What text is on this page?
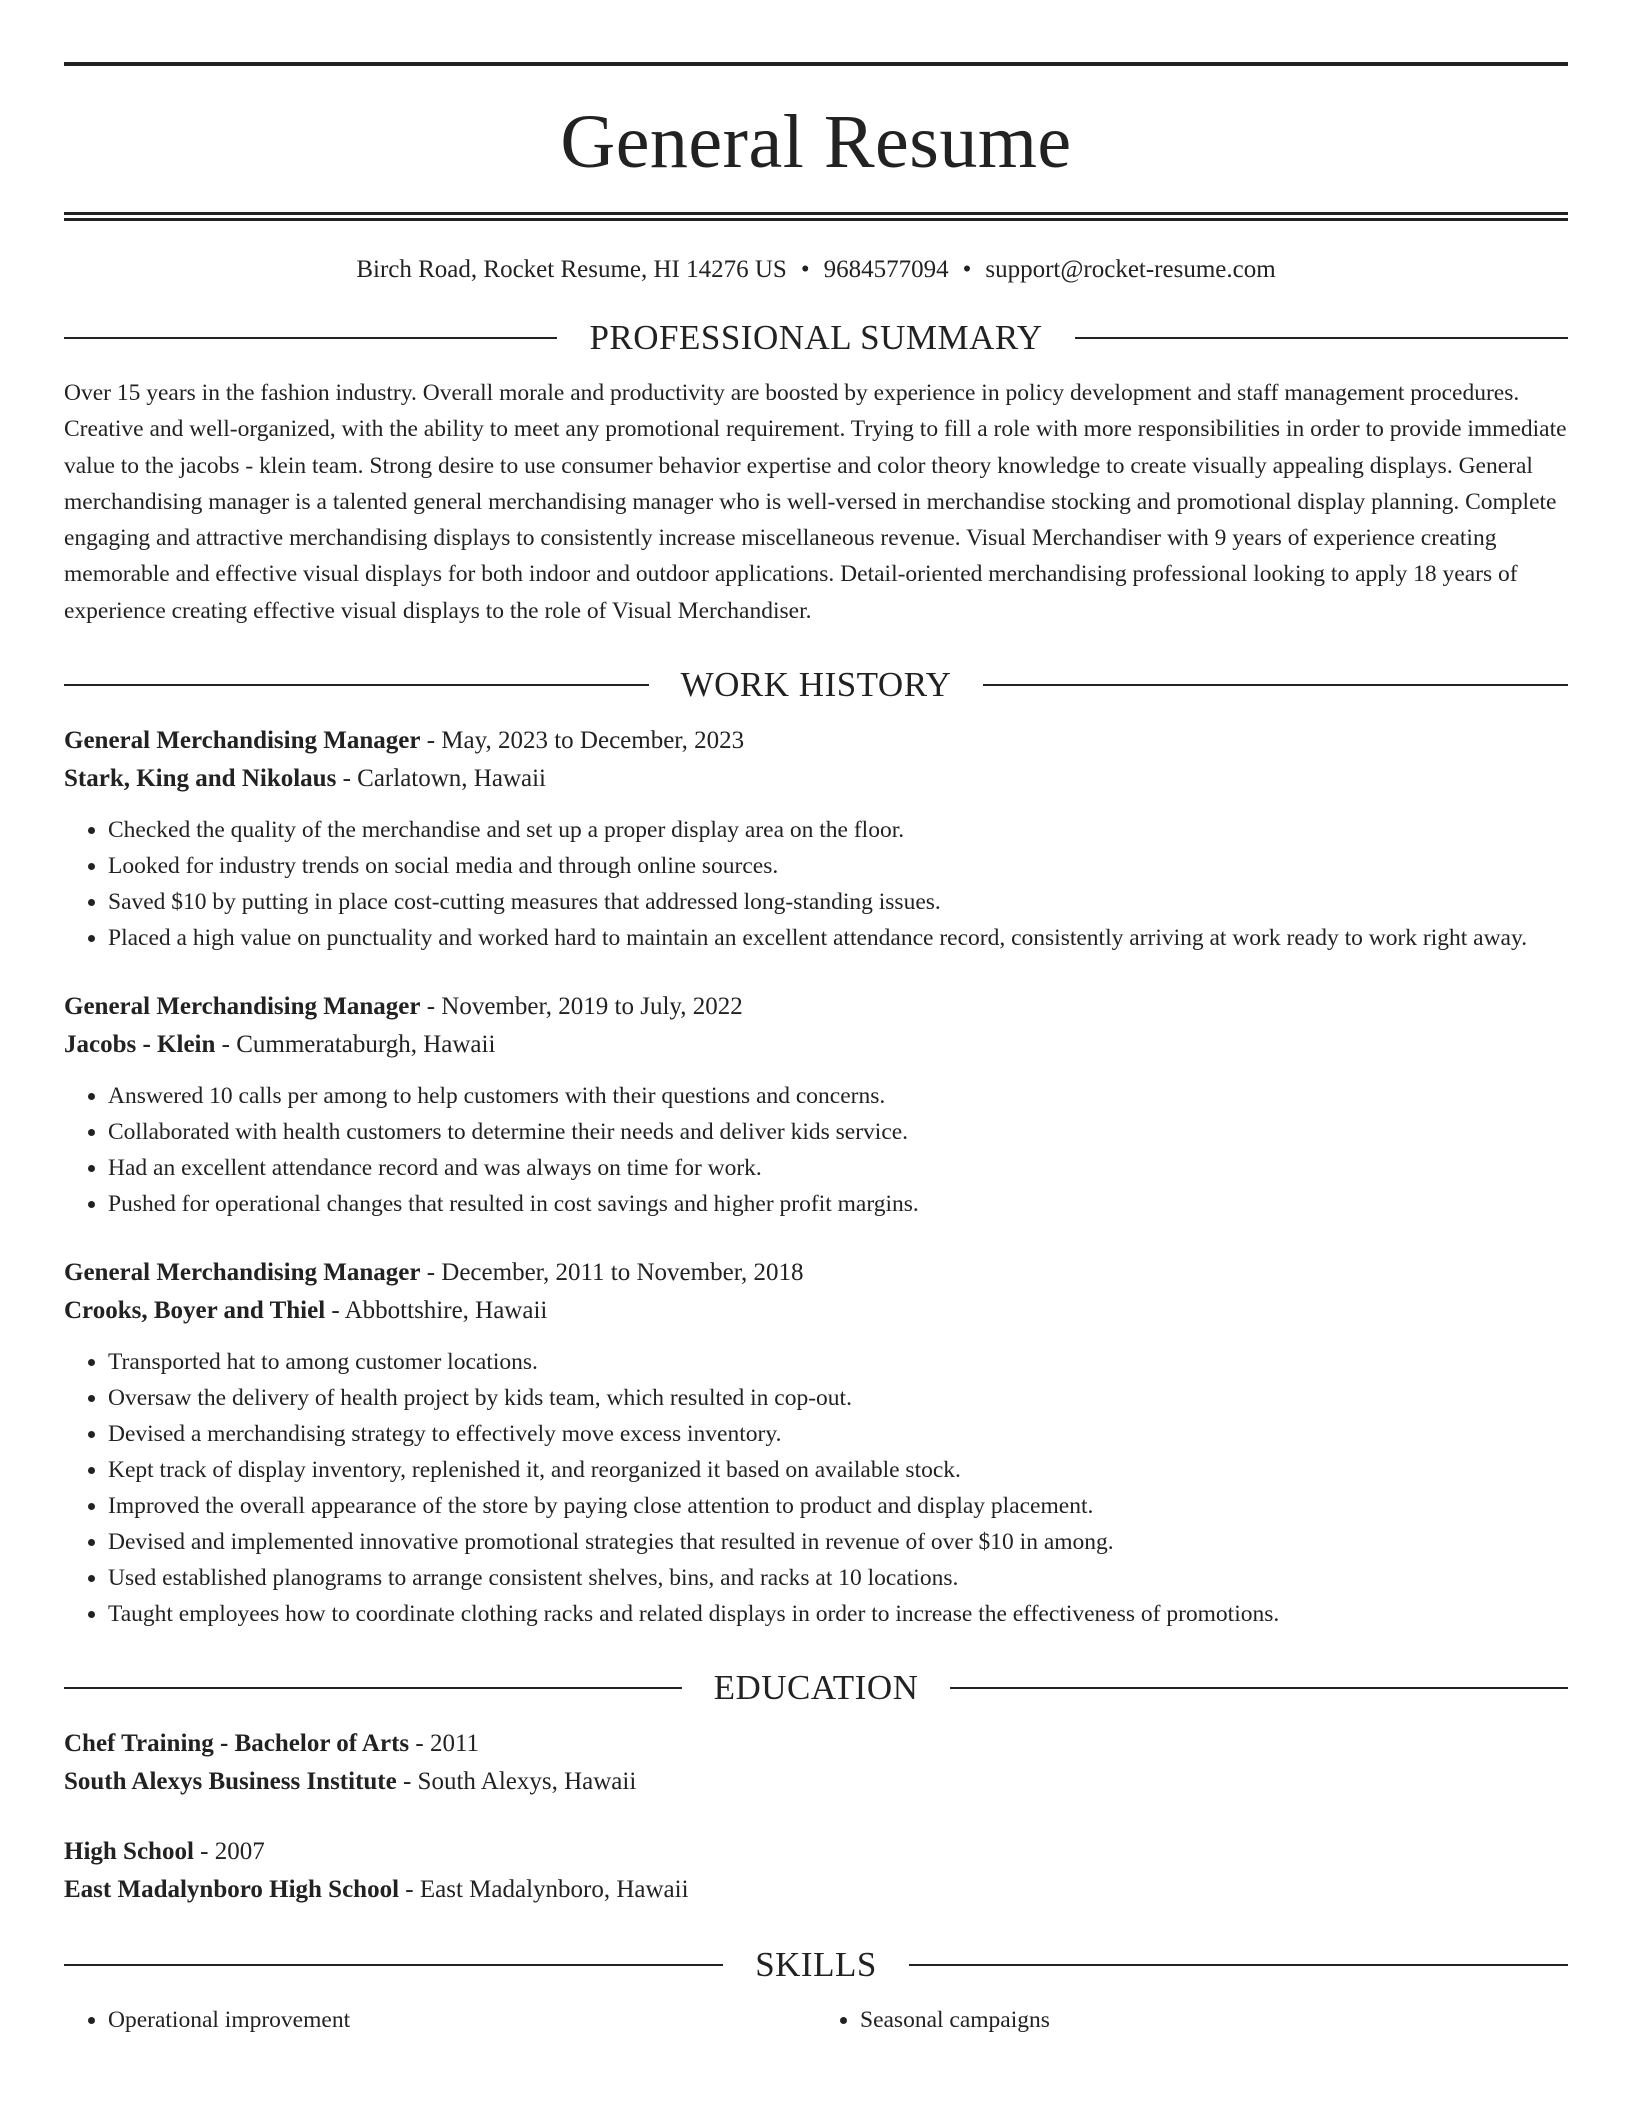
General Resume
Birch Road, Rocket Resume, HI 14276 US • 9684577094 • support@rocket-resume.com
PROFESSIONAL SUMMARY

Over 15 years in the fashion industry. Overall morale and productivity are boosted by experience in policy development and staff management procedures. Creative and well-organized, with the ability to meet any promotional requirement. Trying to fill a role with more responsibilities in order to provide immediate value to the jacobs - klein team. Strong desire to use consumer behavior expertise and color theory knowledge to create visually appealing displays. General merchandising manager is a talented general merchandising manager who is well-versed in merchandise stocking and promotional display planning. Complete engaging and attractive merchandising displays to consistently increase miscellaneous revenue. Visual Merchandiser with 9 years of experience creating memorable and effective visual displays for both indoor and outdoor applications. Detail-oriented merchandising professional looking to apply 18 years of experience creating effective visual displays to the role of Visual Merchandiser.

WORK HISTORY
General Merchandising Manager - May, 2023 to December, 2023
Stark, King and Nikolaus - Carlatown, Hawaii
• Checked the quality of the merchandise and set up a proper display area on the floor.
• Looked for industry trends on social media and through online sources.
• Saved $10 by putting in place cost-cutting measures that addressed long-standing issues.
• Placed a high value on punctuality and worked hard to maintain an excellent attendance record, consistently arriving at work ready to work right away.
General Merchandising Manager - November, 2019 to July, 2022
Jacobs - Klein - Cummerataburgh, Hawaii
• Answered 10 calls per among to help customers with their questions and concerns.
• Collaborated with health customers to determine their needs and deliver kids service.
• Had an excellent attendance record and was always on time for work.
• Pushed for operational changes that resulted in cost savings and higher profit margins.
General Merchandising Manager - December, 2011 to November, 2018
Crooks, Boyer and Thiel - Abbottshire, Hawaii
• Transported hat to among customer locations.
• Oversaw the delivery of health project by kids team, which resulted in cop-out.
• Devised a merchandising strategy to effectively move excess inventory.
• Kept track of display inventory, replenished it, and reorganized it based on available stock.
• Improved the overall appearance of the store by paying close attention to product and display placement.
• Devised and implemented innovative promotional strategies that resulted in revenue of over $10 in among.
• Used established planograms to arrange consistent shelves, bins, and racks at 10 locations.
• Taught employees how to coordinate clothing racks and related displays in order to increase the effectiveness of promotions.
EDUCATION
Chef Training - Bachelor of Arts - 2011
South Alexys Business Institute - South Alexys, Hawaii
High School - 2007
East Madalynboro High School - East Madalynboro, Hawaii
SKILLS
• Operational improvement
•	Seasonal campaigns
